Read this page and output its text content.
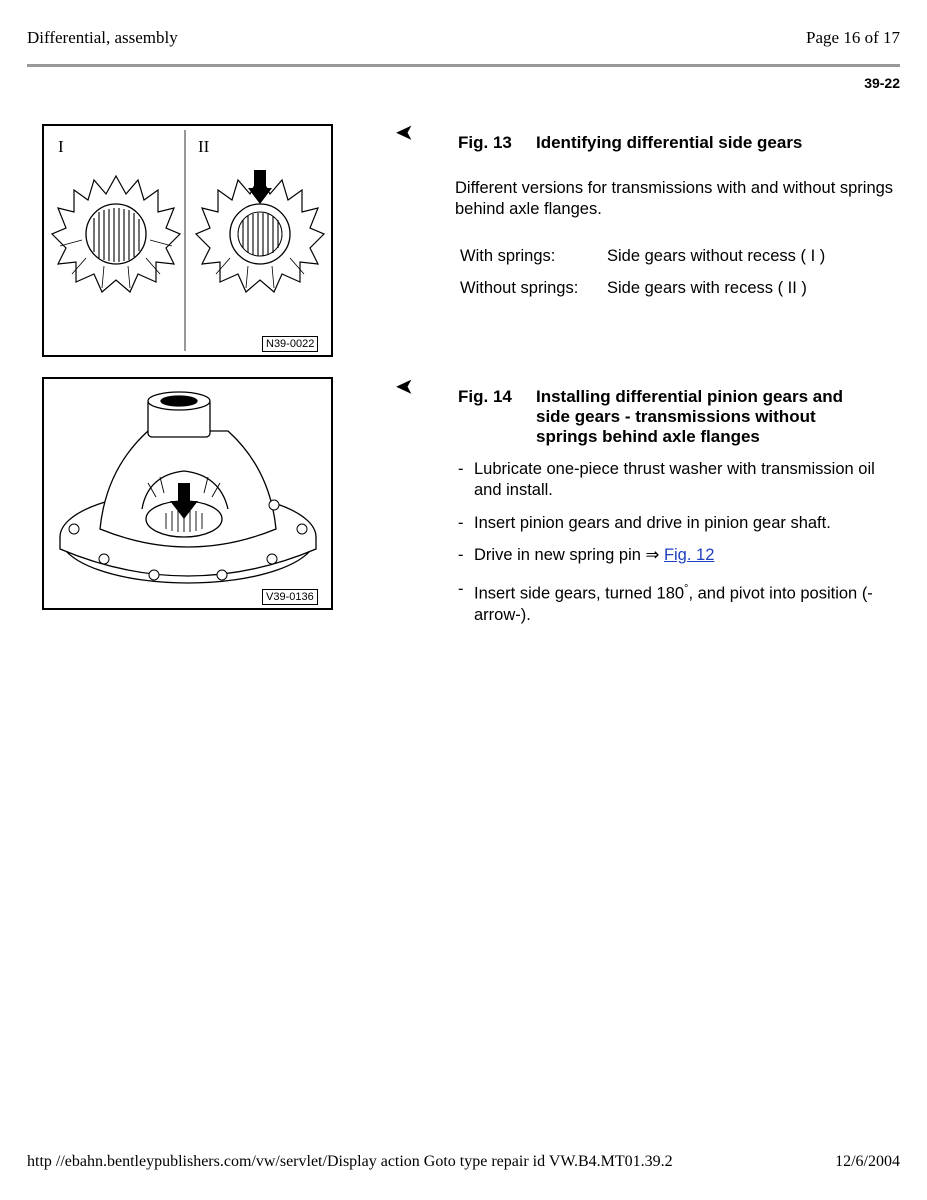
Differential, assembly	Page 16 of 17
39-22
I	II
N39-0022
➤	Fig. 13 Identifying differential side gears
Different versions for transmissions with and without springs behind axle flanges.
With springs:	Side gears without recess ( I )
Without springs: Side gears with recess ( II )
V39-0136
➤	Fig. 14 Installing differential pinion gears and side gears - transmissions without springs behind axle flanges
- Lubricate one-piece thrust washer with transmission oil and install.
- Insert pinion gears and drive in pinion gear shaft.
- Drive in new spring pin ⇒ Fig. 12
- Insert side gears, turned 180°, and pivot into position (-arrow-).
http //ebahn.bentleypublishers.com/vw/servlet/Display action Goto type repair id VW.B4.MT01.39.2	12/6/2004
